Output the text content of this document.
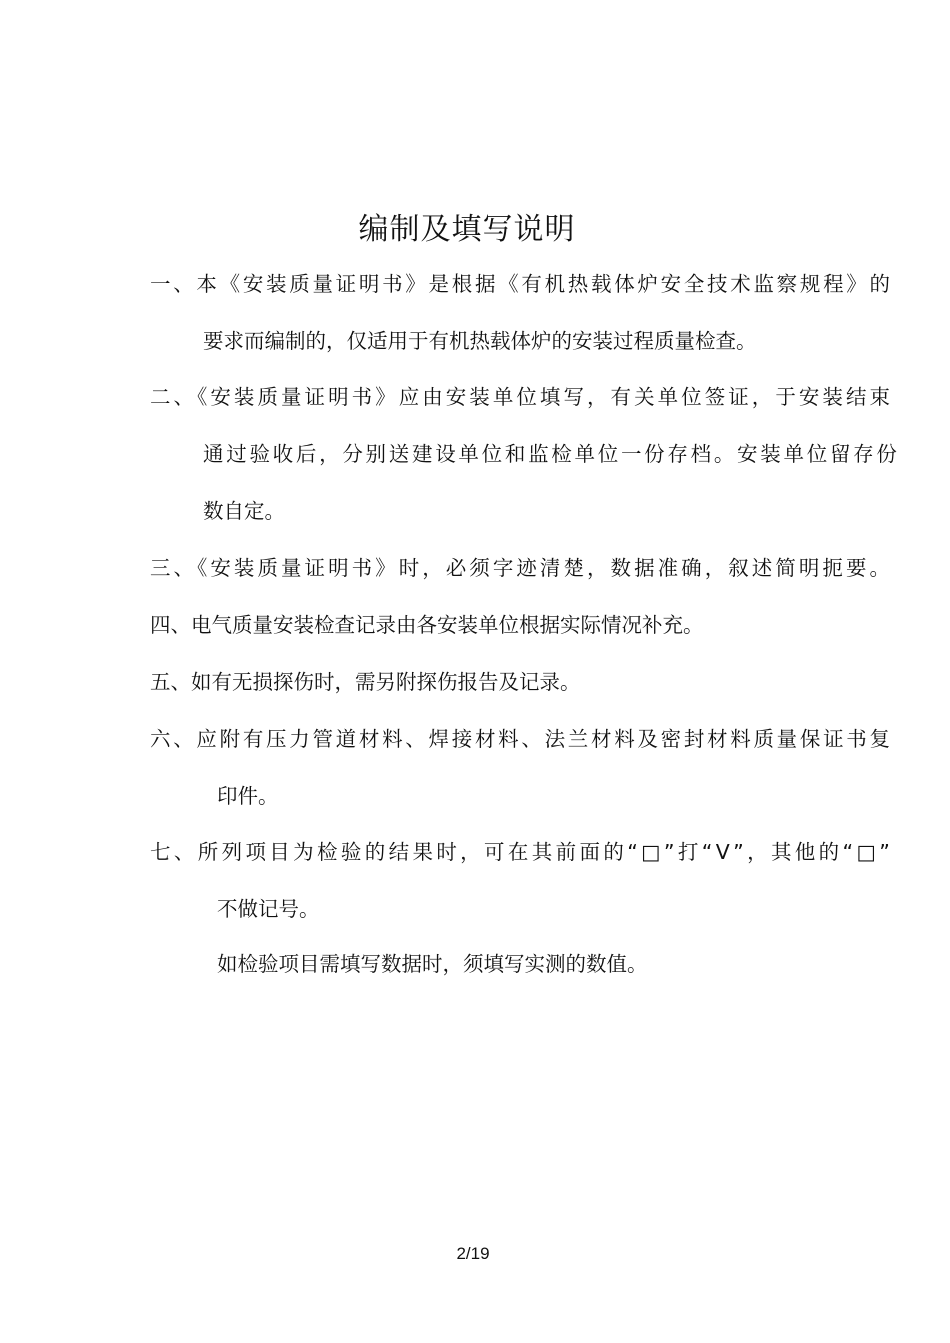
编制及填写说明
一、本《安装质量证明书》是根据《有机热载体炉安全技术监察规程》的
要求而编制的，仅适用于有机热载体炉的安装过程质量检查。
二、《安装质量证明书》应由安装单位填写，有关单位签证，于安装结束
通过验收后，分别送建设单位和监检单位一份存档。安装单位留存份
数自定。
三、《安装质量证明书》时，必须字迹清楚，数据准确，叙述简明扼要。
四、电气质量安装检查记录由各安装单位根据实际情况补充。
五、如有无损探伤时，需另附探伤报告及记录。
六、应附有压力管道材料、焊接材料、法兰材料及密封材料质量保证书复
印件。
七、所列项目为检验的结果时，可在其前面的“□”打“V”，其他的“□”
不做记号。
如检验项目需填写数据时，须填写实测的数值。
2/19
